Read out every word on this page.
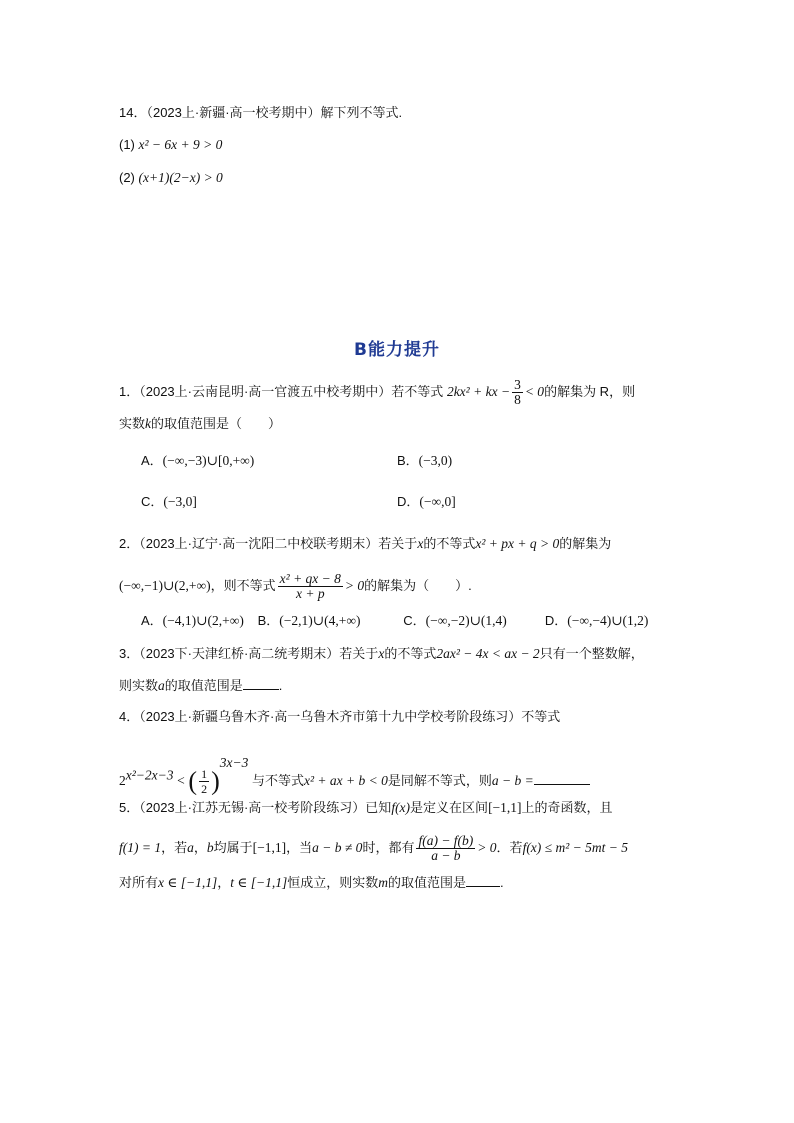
14．（2023上·新疆·高一校考期中）解下列不等式.
(1) x² − 6x + 9 > 0
(2) (x+1)(2−x) > 0
B能力提升
1．（2023上·云南昆明·高一官渡五中校考期中）若不等式 2kx² + kx − $\frac{3}{8} < 0$的解集为 R，则
实数k的取值范围是（　　）
A．(−∞,−3)∪[0,+∞)	B．(−3,0)
C．(−3,0]	D．(−∞,0]
2．（2023上·辽宁·高一沈阳二中校联考期末）若关于x的不等式x² + px + q > 0的解集为
(−∞,−1)∪(2,+∞)，则不等式 $\frac{\text{x² + qx − 8}}{x + p} > 0$的解集为（　　）.
A．(−4,1)∪(2,+∞) B．(−2,1)∪(4,+∞)	C．(−∞,−2)∪(1,4)	D．(−∞,−4)∪(1,2)
3．（2023下·天津红桥·高二统考期末）若关于x的不等式2ax² − 4x < ax − 2只有一个整数解，
则实数a的取值范围是	.
4．（2023上·新疆乌鲁木齐·高一乌鲁木齐市第十九中学校考阶段练习）不等式
$2^{x^2-2x-3}$ < ( $\frac{1}{2} )^{3x-3}$ 与不等式x² + ax + b < 0是同解不等式，则a − b =
5．（2023上·江苏无锡·高一校考阶段练习）已知f(x)是定义在区间[−1,1]上的奇函数，且
f(1) = 1，若a，b均属于[−1,1]，当a − b ≠ 0时，都有 $\frac{f(a) - f(b)}{a - b} > 0$．若f(x) ≤ m² − 5mt − 5
对所有x ∈ [−1,1]，t ∈ [−1,1]恒成立，则实数m的取值范围是	.
